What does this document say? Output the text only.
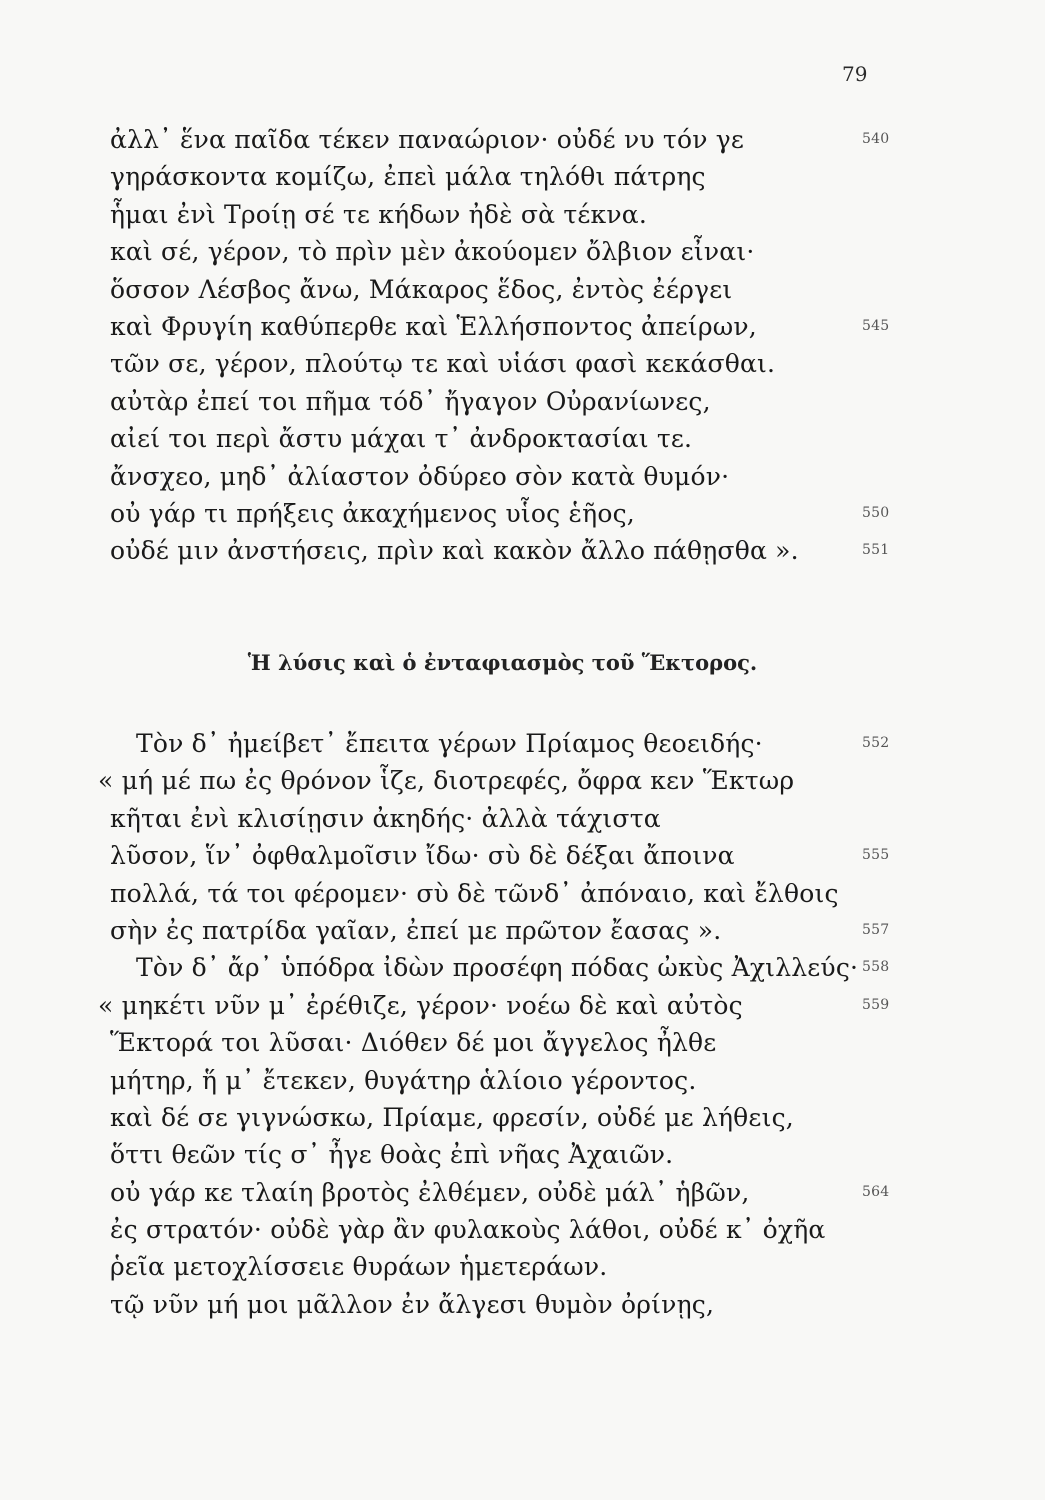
79
ἀλλ᾽ ἕνα παῖδα τέκεν παναώριον· οὐδέ νυ τόν γε	540
γηράσκοντα κομίζω, ἐπεὶ μάλα τηλόθι πάτρης
ἧμαι ἐνὶ Τροίῃ σέ τε κήδων ἠδὲ σὰ τέκνα.
καὶ σέ, γέρον, τὸ πρὶν μὲν ἀκούομεν ὄλβιον εἶναι·
ὅσσον Λέσβος ἄνω, Μάκαρος ἕδος, ἐντὸς ἐέργει
καὶ Φρυγίη καθύπερθε καὶ Ἑλλήσποντος ἀπείρων,	545
τῶν σε, γέρον, πλούτῳ τε καὶ υἱάσι φασὶ κεκάσθαι.
αὐτὰρ ἐπεί τοι πῆμα τόδ᾽ ἤγαγον Οὐρανίωνες,
αἰεί τοι περὶ ἄστυ μάχαι τ᾽ ἀνδροκτασίαι τε.
ἄνσχεο, μηδ᾽ ἀλίαστον ὀδύρεο σὸν κατὰ θυμόν·
οὐ γάρ τι πρήξεις ἀκαχήμενος υἷος ἑῆος,	550
οὐδέ μιν ἀνστήσεις, πρὶν καὶ κακὸν ἄλλο πάθῃσθα ».	551
Ἡ λύσις καὶ ὁ ἐνταφιασμὸς τοῦ Ἕκτορος.
Τὸν δ᾽ ἠμείβετ᾽ ἔπειτα γέρων Πρίαμος θεοειδής·	552
« μή μέ πω ἐς θρόνον ἷζε, διοτρεφές, ὄφρα κεν Ἕκτωρ
κῆται ἐνὶ κλισίῃσιν ἀκηδής· ἀλλὰ τάχιστα
λῦσον, ἵν᾽ ὀφθαλμοῖσιν ἴδω· σὺ δὲ δέξαι ἄποινα	555
πολλά, τά τοι φέρομεν· σὺ δὲ τῶνδ᾽ ἀπόναιο, καὶ ἔλθοις
σὴν ἐς πατρίδα γαῖαν, ἐπεί με πρῶτον ἔασας ».	557
Τὸν δ᾽ ἄρ᾽ ὑπόδρα ἰδὼν προσέφη πόδας ὠκὺς Ἀχιλλεύς· 558
« μηκέτι νῦν μ᾽ ἐρέθιζε, γέρον· νοέω δὲ καὶ αὐτὸς	559
Ἕκτορά τοι λῦσαι· Διόθεν δέ μοι ἄγγελος ἦλθε
μήτηρ, ἥ μ᾽ ἔτεκεν, θυγάτηρ ἁλίοιο γέροντος.
καὶ δέ σε γιγνώσκω, Πρίαμε, φρεσίν, οὐδέ με λήθεις,
ὅττι θεῶν τίς σ᾽ ἦγε θοὰς ἐπὶ νῆας Ἀχαιῶν.
οὐ γάρ κε τλαίη βροτὸς ἐλθέμεν, οὐδὲ μάλ᾽ ἡβῶν,	564
ἐς στρατόν· οὐδὲ γὰρ ἂν φυλακοὺς λάθοι, οὐδέ κ᾽ ὀχῆα
ῥεῖα μετοχλίσσειε θυράων ἡμετεράων.
τῷ νῦν μή μοι μᾶλλον ἐν ἄλγεσι θυμὸν ὀρίνῃς,
